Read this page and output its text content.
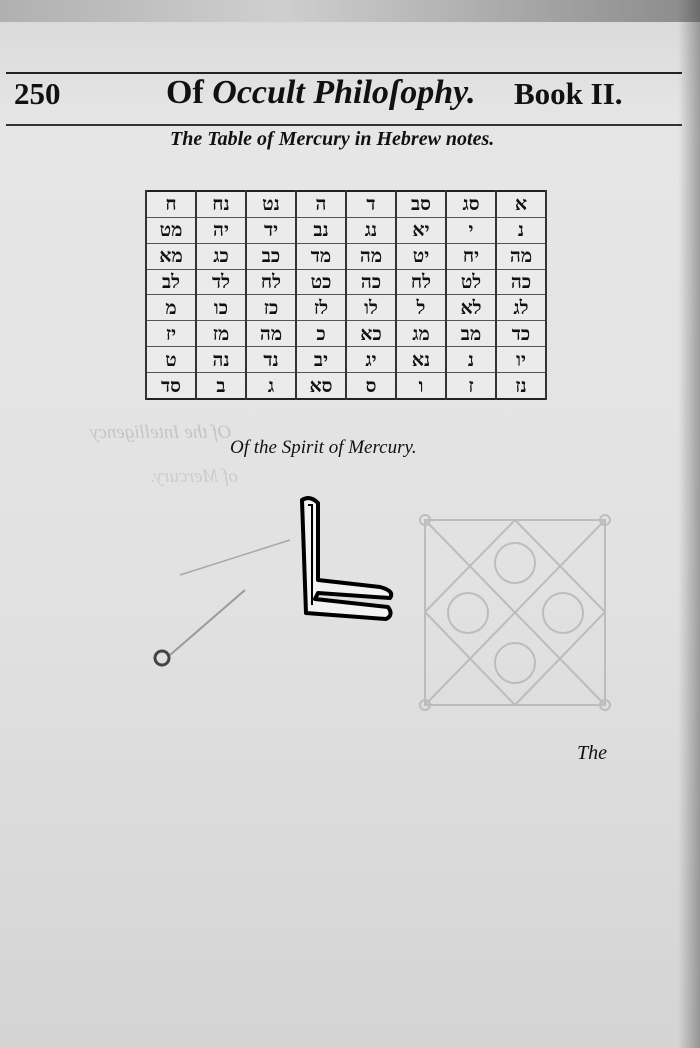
250	Of Occult Philoſophy. Book II.
The Table of Mercury in Hebrew notes.
א	סג	סב	ד	ה	נט	נח	ח
נ	י	יא	נג	נב	יד	יה	מט
מה	יח	יט	מה	מד	כב	כג	מא
כה	לט	לח	כה	כט	לח	לד	לב
לג	לא	ל	לו	לז	כז	כו	מ
כד	מב	מג	כא	כ	מה	מז	יז
יו	נ	נא	יג	יב	נד	נה	ט
נז	ז	ו	ס	סא	ג	ב	סד
Of the Intelligency
of Mercury.
Of the Spirit of Mercury.
The
